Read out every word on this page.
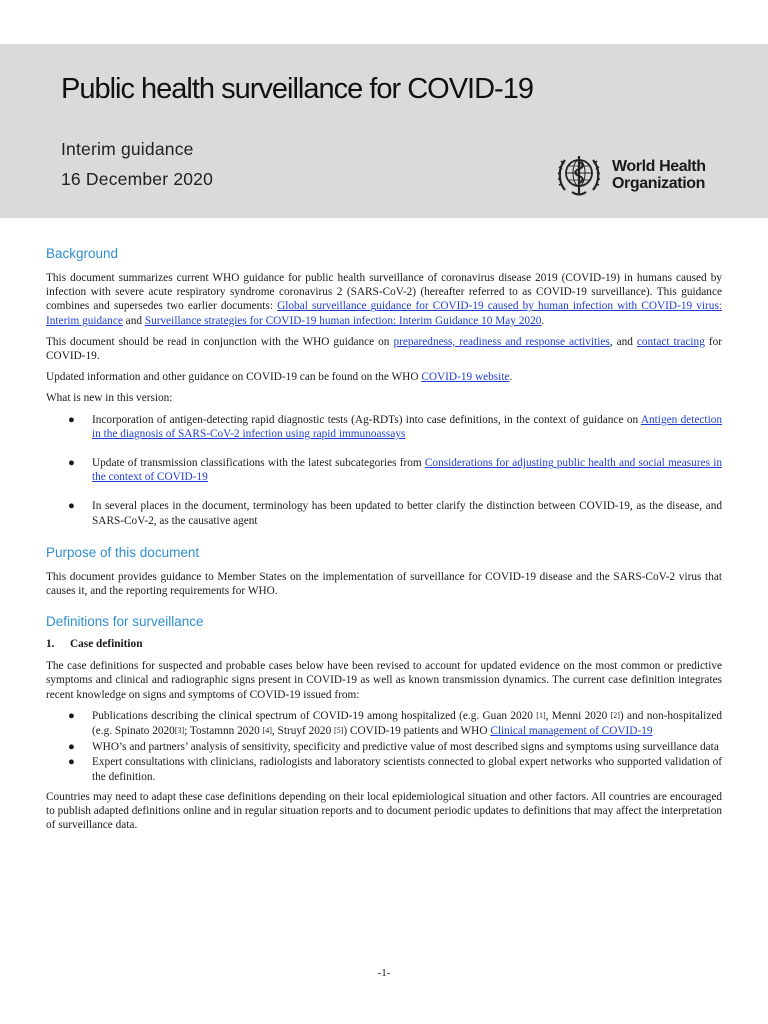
Public health surveillance for COVID-19
Interim guidance
16 December 2020
World Health
Organization
Background

This document summarizes current WHO guidance for public health surveillance of coronavirus disease 2019 (COVID-19) in humans caused by infection with severe acute respiratory syndrome coronavirus 2 (SARS-CoV-2) (hereafter referred to as COVID-19 surveillance). This guidance combines and supersedes two earlier documents: Global surveillance guidance for COVID-19 caused by human infection with COVID-19 virus: Interim guidance and Surveillance strategies for COVID-19 human infection: Interim Guidance 10 May 2020.

This document should be read in conjunction with the WHO guidance on preparedness, readiness and response activities, and contact tracing for COVID-19.

Updated information and other guidance on COVID-19 can be found on the WHO COVID-19 website.

What is new in this version:

● Incorporation of antigen-detecting rapid diagnostic tests (Ag-RDTs) into case definitions, in the context of guidance on Antigen detection in the diagnosis of SARS-CoV-2 infection using rapid immunoassays
● Update of transmission classifications with the latest subcategories from Considerations for adjusting public health and social measures in the context of COVID-19
● In several places in the document, terminology has been updated to better clarify the distinction between COVID-19, as the disease, and SARS-CoV-2, as the causative agent
Purpose of this document

This document provides guidance to Member States on the implementation of surveillance for COVID-19 disease and the SARS-CoV-2 virus that causes it, and the reporting requirements for WHO.

Definitions for surveillance
1. Case definition

The case definitions for suspected and probable cases below have been revised to account for updated evidence on the most common or predictive symptoms and clinical and radiographic signs present in COVID-19 as well as known transmission dynamics. The current case definition integrates recent knowledge on signs and symptoms of COVID-19 issued from:

● Publications describing the clinical spectrum of COVID-19 among hospitalized (e.g. Guan 2020 [1], Menni 2020 [2]) and non-hospitalized (e.g. Spinato 2020[3]; Tostamnn 2020 [4], Struyf 2020 [5]) COVID-19 patients and WHO Clinical management of COVID-19
● WHO’s and partners’ analysis of sensitivity, specificity and predictive value of most described signs and symptoms using surveillance data
● Expert consultations with clinicians, radiologists and laboratory scientists connected to global expert networks who supported validation of the definition.

Countries may need to adapt these case definitions depending on their local epidemiological situation and other factors. All countries are encouraged to publish adapted definitions online and in regular situation reports and to document periodic updates to definitions that may affect the interpretation of surveillance data.

-1-
